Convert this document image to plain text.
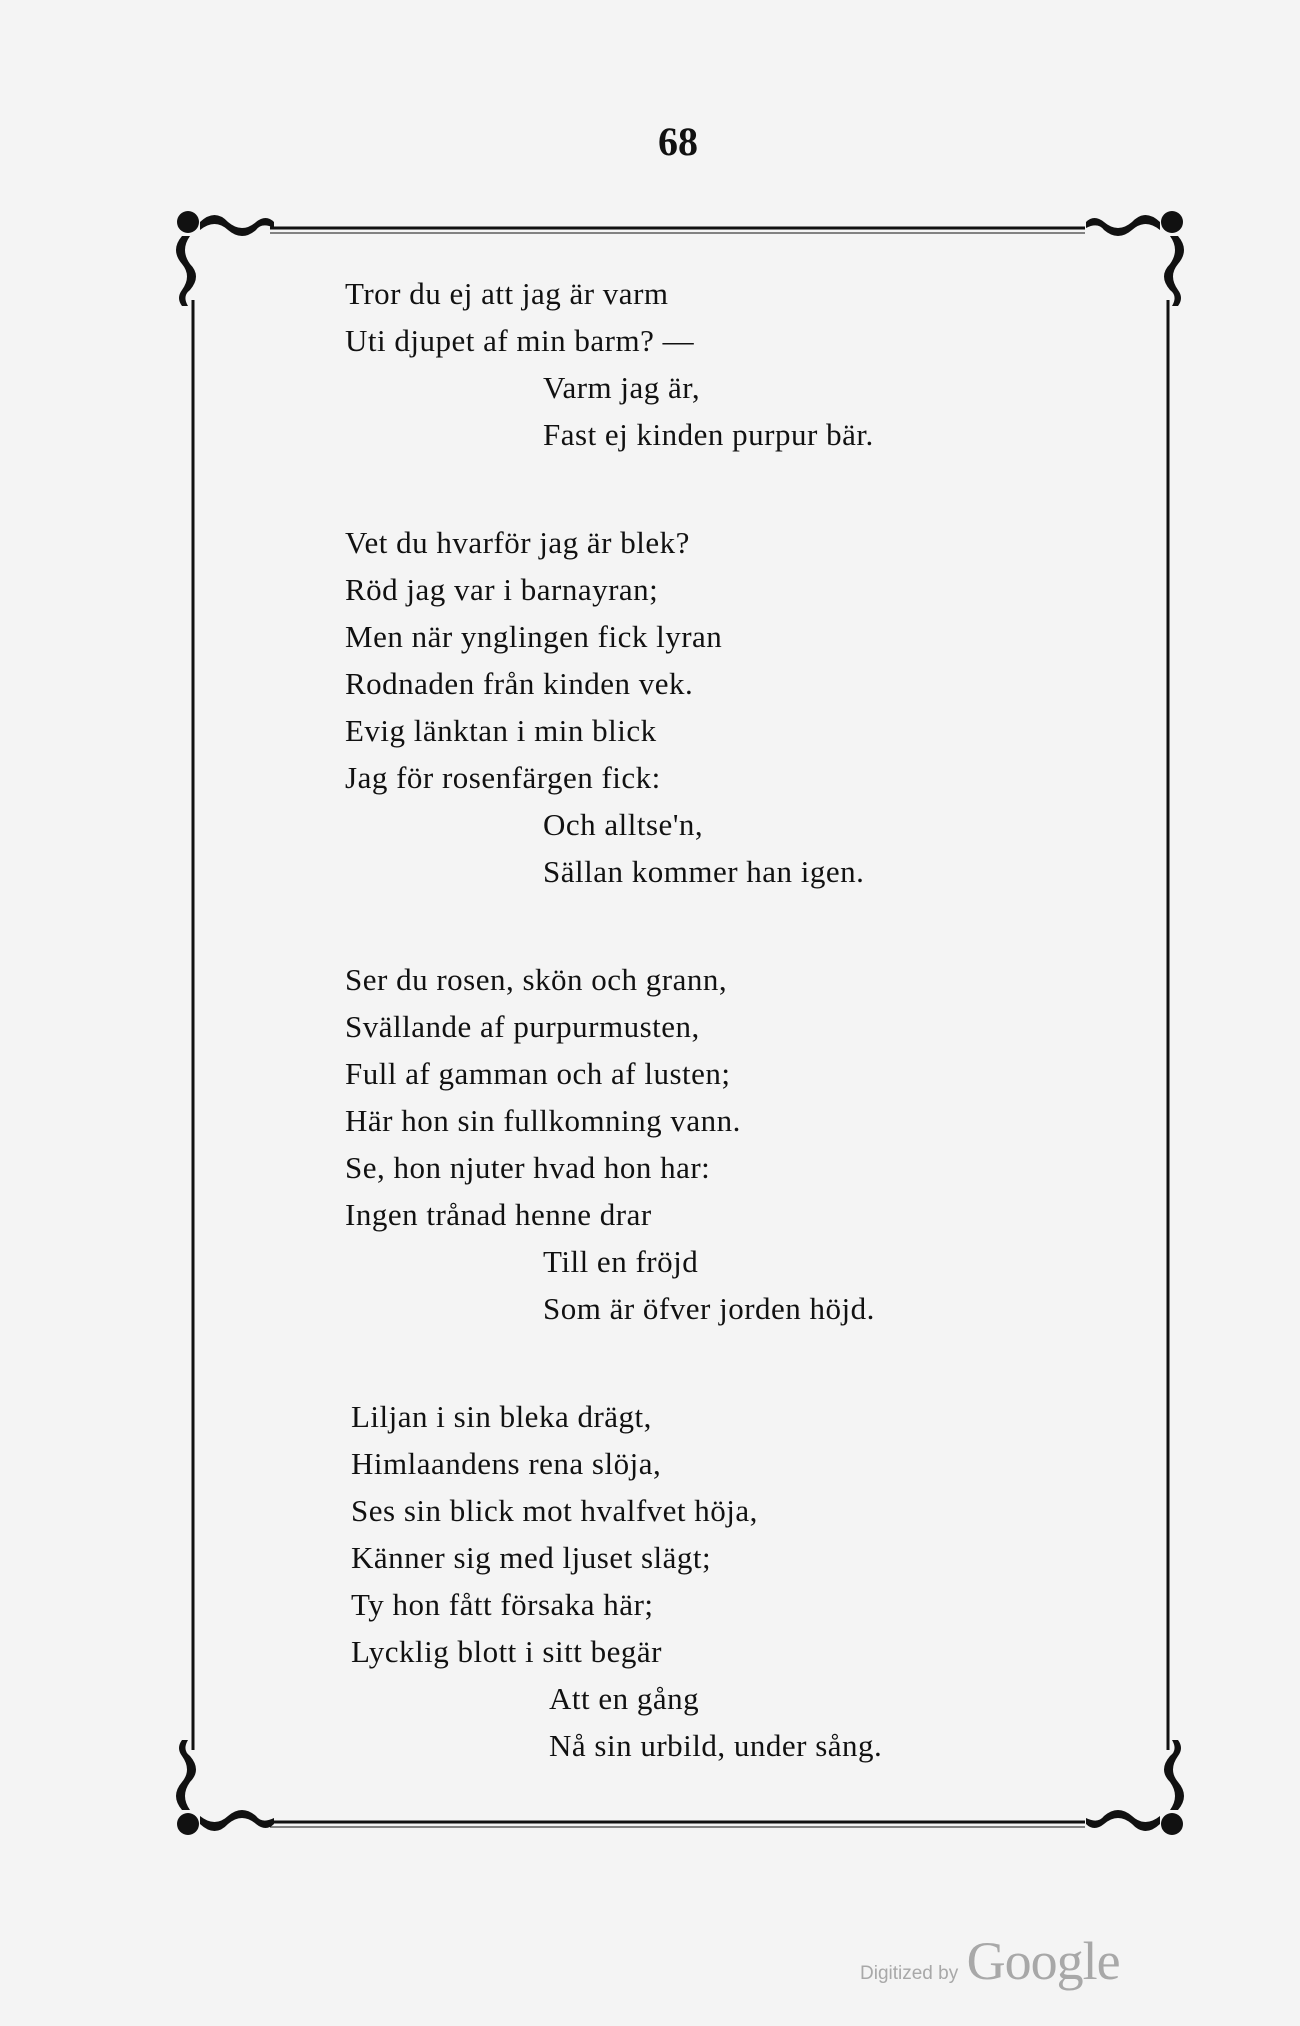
68
Tror du ej att jag är varm
Uti djupet af min barm? —
Varm jag är,
Fast ej kinden purpur bär.
Vet du hvarför jag är blek?
Röd jag var i barnayran;
Men när ynglingen fick lyran
Rodnaden från kinden vek.
Evig länktan i min blick
Jag för rosenfärgen fick:
Och alltse'n,
Sällan kommer han igen.
Ser du rosen, skön och grann,
Svällande af purpurmusten,
Full af gamman och af lusten;
Här hon sin fullkomning vann.
Se, hon njuter hvad hon har:
Ingen trånad henne drar
Till en fröjd
Som är öfver jorden höjd.
Liljan i sin bleka drägt,
Himlaandens rena slöja,
Ses sin blick mot hvalfvet höja,
Känner sig med ljuset slägt;
Ty hon fått försaka här;
Lycklig blott i sitt begär
Att en gång
Nå sin urbild, under sång.
Digitized by Google
